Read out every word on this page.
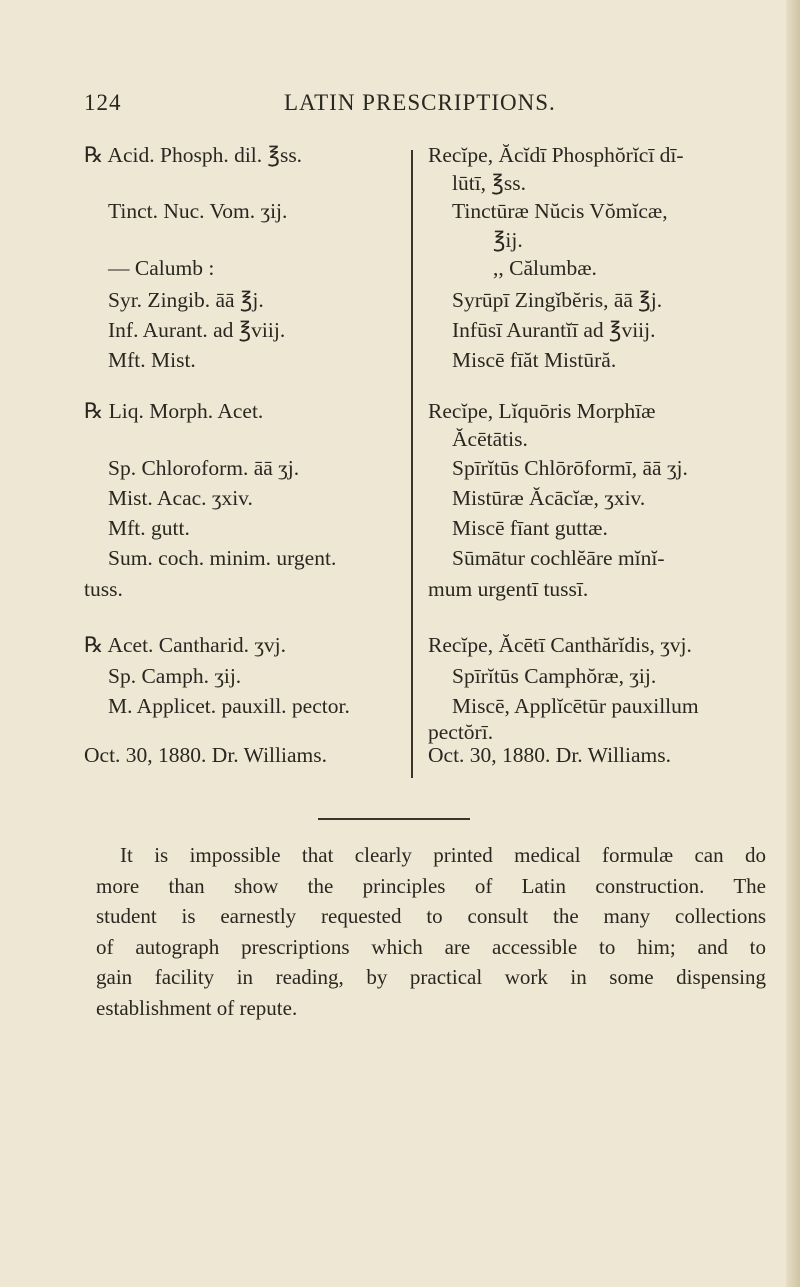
124	LATIN PRESCRIPTIONS.
℞ Acid. Phosph. dil. ℥ss.
Tinct. Nuc. Vom. ʒij.
— Calumb :
Syr. Zingib. āā ℥j.
Inf. Aurant. ad ℥viij.
Mft. Mist.
℞ Liq. Morph. Acet.
Sp. Chloroform. āā ʒj.
Mist. Acac. ʒxiv.
Mft. gutt.
Sum. coch. minim. urgent.
tuss.
℞ Acet. Cantharid. ʒvj.
Sp. Camph. ʒij.
M. Applicet. pauxill. pector.
Oct. 30, 1880. Dr. Williams.
Recĭpe, Ăcĭdī Phosphŏrĭcī dī-
lūtī, ℥ss.
Tinctūræ Nŭcis Vŏmĭcæ,
℥ij.
,, Călumbæ.
Syrūpī Zingĭbĕris, āā ℥j.
Infūsī Aurantĭī ad ℥viij.
Miscē fīăt Mistūră.
Recĭpe, Lĭquōris Morphīæ
Ăcētātis.
Spīrĭtūs Chlōrōformī, āā ʒj.
Mistūræ Ăcācĭæ, ʒxiv.
Miscē fīant guttæ.
Sūmātur cochlĕāre mĭnĭ-
mum urgentī tussī.
Recĭpe, Ăcētī Canthărĭdis, ʒvj.
Spīrĭtūs Camphŏræ, ʒij.
Miscē, Applĭcētūr pauxillum
pectŏrī.
Oct. 30, 1880. Dr. Williams.
It is impossible that clearly printed medical formulæ can do
more than show the principles of Latin construction. The
student is earnestly requested to consult the many collections
of autograph prescriptions which are accessible to him; and to
gain facility in reading, by practical work in some dispensing
establishment of repute.
